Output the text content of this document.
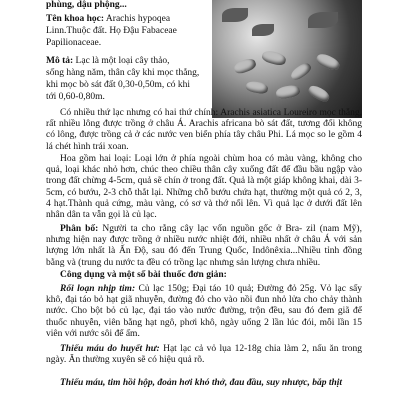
phùng, dậu phộng...
Tên khoa học: Arachis hypoqea
Linn.Thuộc đất. Họ Đậu Fabaceae
Papilionaceae.
Mô tả: Lạc là một loại cây thảo,
sống hàng năm, thân cây khi mọc thẳng,
khi mọc bò sát đất 0,30-0,50m, có khi
tới 0,60-0,80m.
Có nhiều thứ lạc nhưng có hai thứ chính: Arachis asiatica Loureiro mọc thẳng, rất nhiều lông được trồng ở châu Á. Arachis africana bò sát đất, tương đối không có lông, được trồng cả ở các nước ven biển phía tây châu Phi. Lá mọc so le gồm 4 lá chét hình trái xoan.
Hoa gồm hai loại: Loại lớn ở phía ngoài chùm hoa có màu vàng, không cho quả, loại khác nhỏ hơn, chúc theo chiều thân cây xuống đất để đầu bầu ngập vào trong đất chừng 4-5cm, quả sẽ chín ở trong đất. Quả là một giáp không khai, dài 3-5cm, có bướu, 2-3 chỗ thắt lại. Những chỗ bướu chứa hạt, thường một quả có 2, 3, 4 hạt.Thành quả cứng, màu vàng, có sơ và thớ nổi lên. Vì quả lạc ở dưới đất lên nhân dân ta vẫn gọi là củ lạc.
Phân bố: Người ta cho rằng cây lạc vốn nguồn gốc ở Bra- zil (nam Mỹ), nhưng hiện nay được trồng ở nhiều nước nhiệt đới, nhiều nhất ở châu Á với sản lượng lớn nhất là Ấn Độ, sau đó đến Trung Quốc, Indônêxia...Nhiều tỉnh đồng bằng và (trung du nước ta đều có trồng lạc nhưng sản lượng chưa nhiều.
Công dụng và một số bài thuốc đơn giản:
Rối loạn nhịp tim: Củ lạc 150g; Đại táo 10 quả; Đường đỏ 25g. Vỏ lạc sấy khô, đại táo bỏ hạt giã nhuyễn, đường đỏ cho vào nồi đun nhỏ lửa cho chảy thành nước. Cho bột bỏ củ lạc, đại táo vào nước đường, trộn đều, sau đó đem giã để thuốc nhuyễn, viên bằng hạt ngô, phơi khô, ngày uống 2 lần lúc đói, mỗi lần 15 viên với nước sôi để ấm.
Thiếu máu do huyết hư: Hạt lạc cả vỏ lụa 12-18g chia làm 2, nấu ăn trong ngày. Ăn thường xuyên sẽ có hiệu quả rõ.
Thiếu máu, tim hồi hộp, đoản hơi khó thở, đau đầu, suy nhược, bắp thịt
